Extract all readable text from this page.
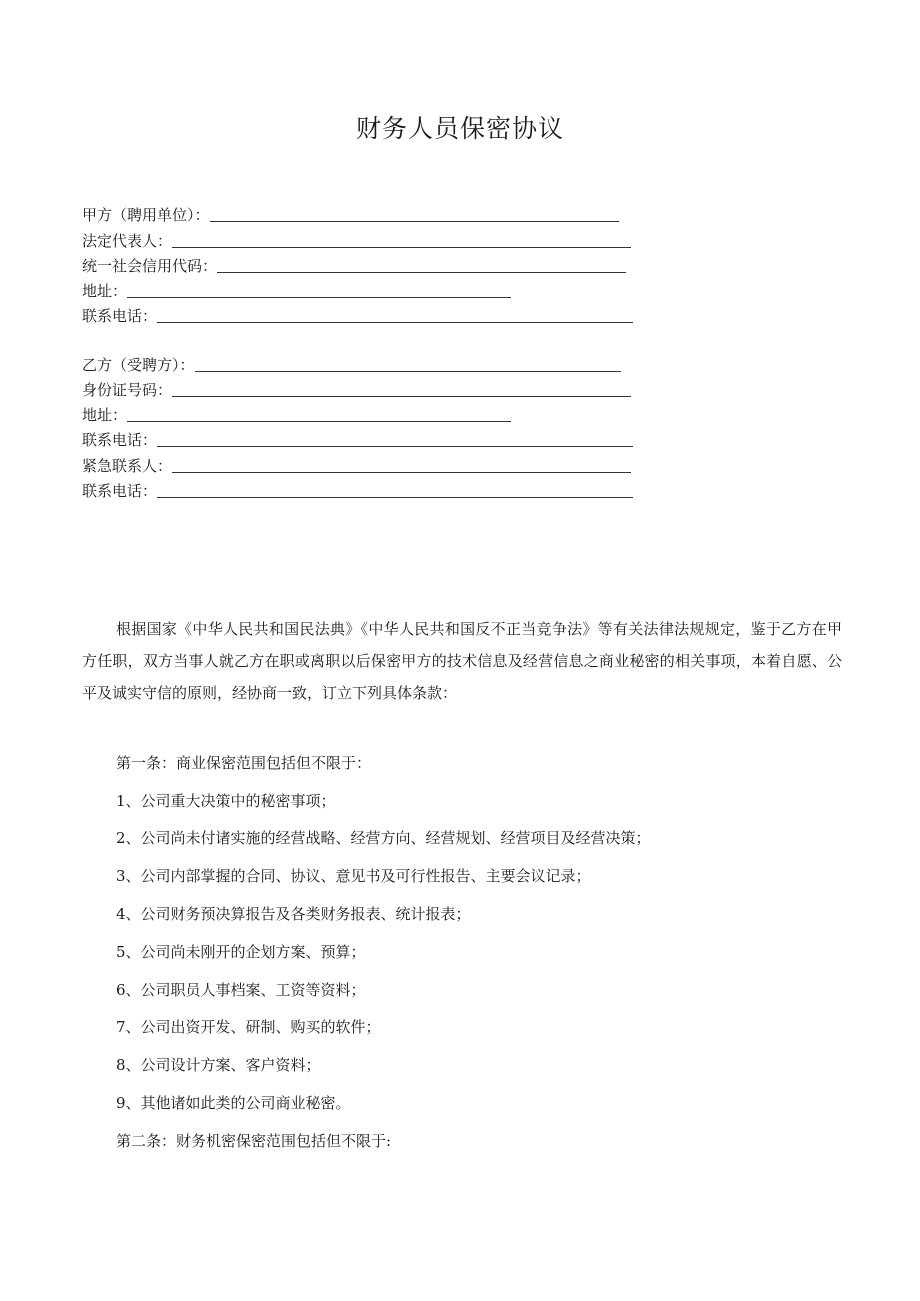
财务人员保密协议
甲方（聘用单位）：
法定代表人：
统一社会信用代码：
地址：
联系电话：
乙方（受聘方）：
身份证号码：
地址：
联系电话：
紧急联系人：
联系电话：
根据国家《中华人民共和国民法典》《中华人民共和国反不正当竞争法》等有关法律法规规定，鉴于乙方在甲方任职，双方当事人就乙方在职或离职以后保密甲方的技术信息及经营信息之商业秘密的相关事项，本着自愿、公平及诚实守信的原则，经协商一致，订立下列具体条款：
第一条：商业保密范围包括但不限于：
1、公司重大决策中的秘密事项；
2、公司尚未付诸实施的经营战略、经营方向、经营规划、经营项目及经营决策；
3、公司内部掌握的合同、协议、意见书及可行性报告、主要会议记录；
4、公司财务预决算报告及各类财务报表、统计报表；
5、公司尚未刚开的企划方案、预算；
6、公司职员人事档案、工资等资料；
7、公司出资开发、研制、购买的软件；
8、公司设计方案、客户资料；
9、其他诸如此类的公司商业秘密。
第二条：财务机密保密范围包括但不限于:
